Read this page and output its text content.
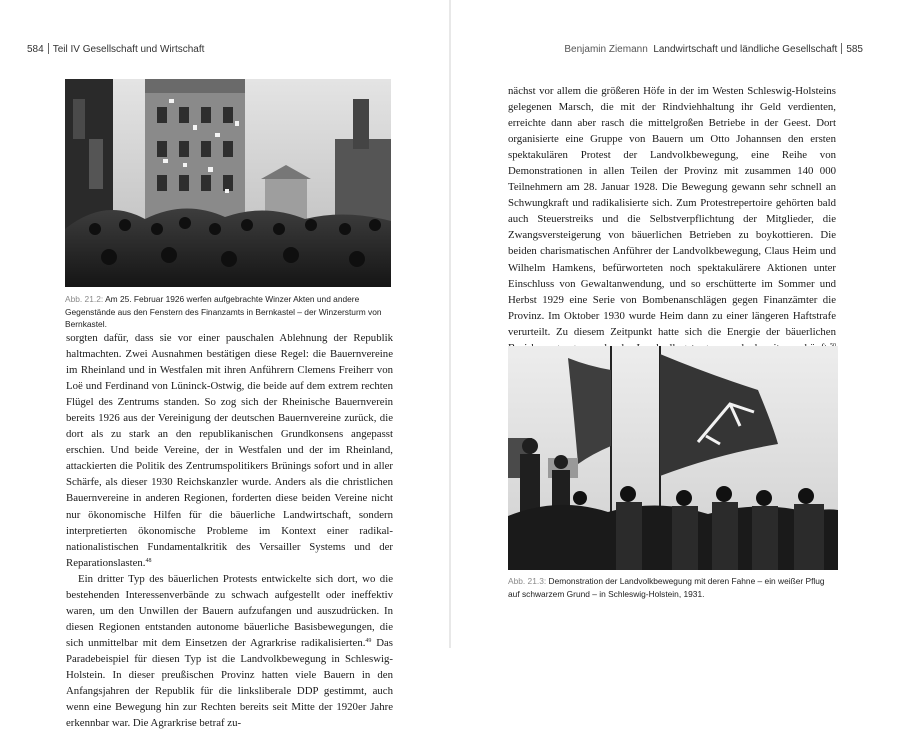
584 Teil IV Gesellschaft und Wirtschaft
Abb. 21.2: Am 25. Februar 1926 werfen aufgebrachte Winzer Akten und andere Gegenstände aus den Fenstern des Finanzamts in Bernkastel – der Winzersturm von Bernkastel.

sorgten dafür, dass sie vor einer pauschalen Ablehnung der Republik haltmachten. Zwei Ausnahmen bestätigen diese Regel: die Bauernvereine im Rheinland und in Westfalen mit ihren Anführern Clemens Freiherr von Loë und Ferdinand von Lüninck-Ostwig, die beide auf dem extrem rechten Flügel des Zentrums standen. So zog sich der Rheinische Bauernverein bereits 1926 aus der Vereinigung der deutschen Bauernvereine zurück, die dort als zu stark an den republikanischen Grundkonsens angepasst erschien. Und beide Vereine, der in Westfalen und der im Rheinland, attackierten die Politik des Zentrumspolitikers Brünings sofort und in aller Schärfe, als dieser 1930 Reichskanzler wurde. Anders als die christlichen Bauernvereine in anderen Regionen, forderten diese beiden Vereine nicht nur ökonomische Hilfen für die bäuerliche Landwirtschaft, sondern interpretierten ökonomische Probleme im Kontext einer radikal-nationalistischen Fundamentalkritik des Versailler Systems und der Reparationslasten.$^{48}$

Ein dritter Typ des bäuerlichen Protests entwickelte sich dort, wo die bestehenden Interessenverbände zu schwach aufgestellt oder ineffektiv waren, um den Unwillen der Bauern aufzufangen und auszudrücken. In diesen Regionen entstanden autonome bäuerliche Basisbewegungen, die sich unmittelbar mit dem Einsetzen der Agrarkrise radikalisierten.$^{49}$ Das Paradebeispiel für diesen Typ ist die Landvolkbewegung in Schleswig-Holstein. In dieser preußischen Provinz hatten viele Bauern in den Anfangsjahren der Republik für die linksliberale DDP gestimmt, auch wenn eine Bewegung hin zur Rechten bereits seit Mitte der 1920er Jahre erkennbar war. Die Agrarkrise betraf zu-

Benjamin Ziemann Landwirtschaft und ländliche Gesellschaft 585

nächst vor allem die größeren Höfe in der im Westen Schleswig-Holsteins gelegenen Marsch, die mit der Rindviehhaltung ihr Geld verdienten, erreichte dann aber rasch die mittelgroßen Betriebe in der Geest. Dort organisierte eine Gruppe von Bauern um Otto Johannsen den ersten spektakulären Protest der Landvolkbewegung, eine Reihe von Demonstrationen in allen Teilen der Provinz mit zusammen 140 000 Teilnehmern am 28. Januar 1928. Die Bewegung gewann sehr schnell an Schwungkraft und radikalisierte sich. Zum Protestrepertoire gehörten bald auch Steuerstreiks und die Selbstverpflichtung der Mitglieder, die Zwangsversteigerung von bäuerlichen Betrieben zu boykottieren. Die beiden charismatischen Anführer der Landvolkbewegung, Claus Heim und Wilhelm Hamkens, befürworteten noch spektakulärere Aktionen unter Einschluss von Gewaltanwendung, und so erschütterte im Sommer und Herbst 1929 eine Serie von Bombenanschlägen gegen Finanzämter die Provinz. Im Oktober 1930 wurde Heim dann zu einer längeren Haftstrafe verurteilt. Zu diesem Zeitpunkt hatte sich die Energie der bäuerlichen

Abb. 21.3: Demonstration der Landvolkbewegung mit deren Fahne – ein weißer Pflug auf schwarzem Grund – in Schleswig-Holstein, 1931.
